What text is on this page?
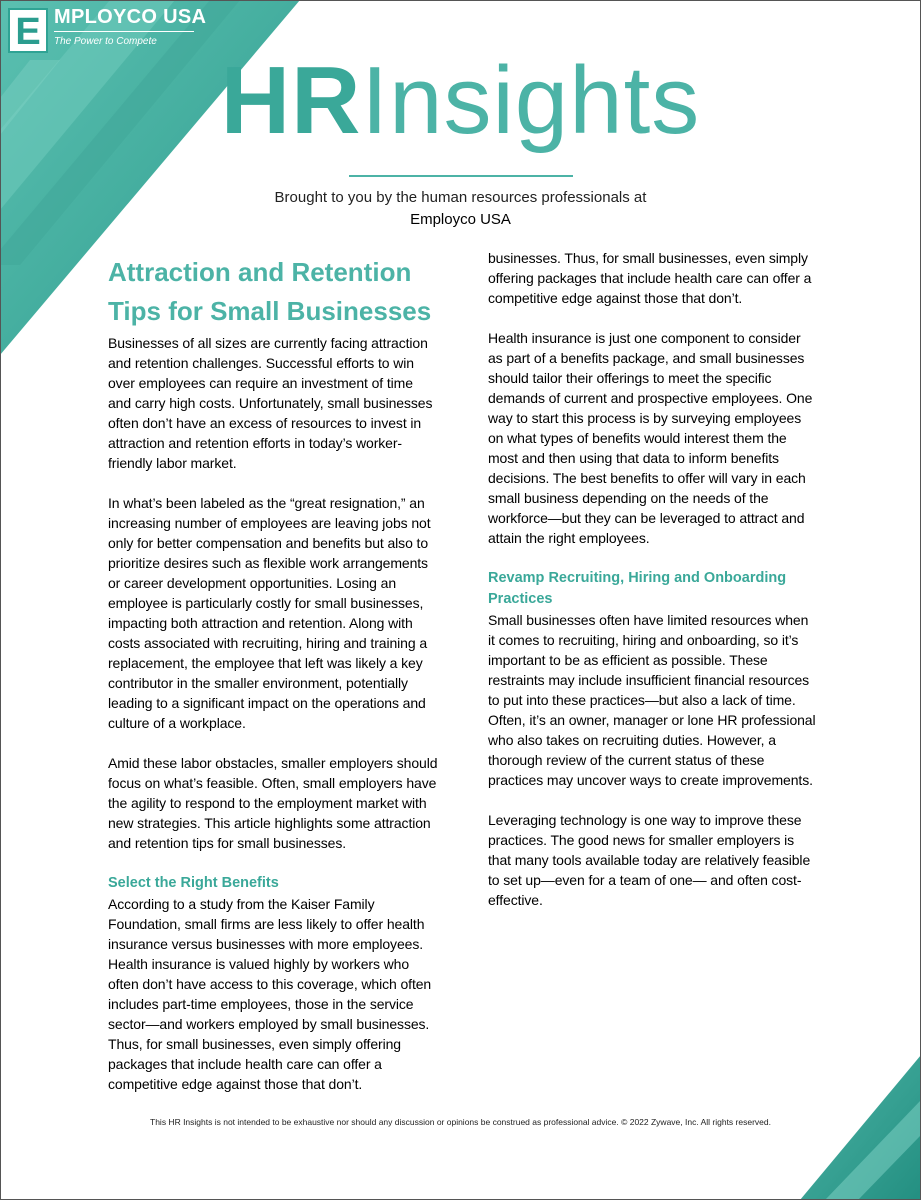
E MPLOYCO USA
The Power to Compete
HRInsights
Brought to you by the human resources professionals at
Employco USA
Attraction and Retention
Tips for Small Businesses

Businesses of all sizes are currently facing attraction and retention challenges. Successful efforts to win over employees can require an investment of time and carry high costs. Unfortunately, small businesses often don’t have an excess of resources to invest in attraction and retention efforts in today’s worker-friendly labor market.

In what’s been labeled as the “great resignation,” an increasing number of employees are leaving jobs not only for better compensation and benefits but also to prioritize desires such as flexible work arrangements or career development opportunities. Losing an employee is particularly costly for small businesses, impacting both attraction and retention. Along with costs associated with recruiting, hiring and training a replacement, the employee that left was likely a key contributor in the smaller environment, potentially leading to a significant impact on the operations and culture of a workplace.

Amid these labor obstacles, smaller employers should focus on what’s feasible. Often, small employers have the agility to respond to the employment market with new strategies. This article highlights some attraction and retention tips for small businesses.

Select the Right Benefits

According to a study from the Kaiser Family Foundation, small firms are less likely to offer health insurance versus businesses with more employees. Health insurance is valued highly by workers who often don’t have access to this coverage, which often includes part-time employees, those in the service sector—and workers employed by small businesses. Thus, for small businesses, even simply offering packages that include health care can offer a competitive edge against those that don’t.

businesses. Thus, for small businesses, even simply offering packages that include health care can offer a competitive edge against those that don’t.

Health insurance is just one component to consider as part of a benefits package, and small businesses should tailor their offerings to meet the specific demands of current and prospective employees. One way to start this process is by surveying employees on what types of benefits would interest them the most and then using that data to inform benefits decisions. The best benefits to offer will vary in each small business depending on the needs of the workforce—but they can be leveraged to attract and attain the right employees.

Revamp Recruiting, Hiring and Onboarding Practices

Small businesses often have limited resources when it comes to recruiting, hiring and onboarding, so it’s important to be as efficient as possible. These restraints may include insufficient financial resources to put into these practices—but also a lack of time. Often, it’s an owner, manager or lone HR professional who also takes on recruiting duties. However, a thorough review of the current status of these practices may uncover ways to create improvements.

Leveraging technology is one way to improve these practices. The good news for smaller employers is that many tools available today are relatively feasible to set up—even for a team of one— and often cost-effective.

This HR Insights is not intended to be exhaustive nor should any discussion or opinions be construed as professional advice. © 2022 Zywave, Inc. All rights reserved.
